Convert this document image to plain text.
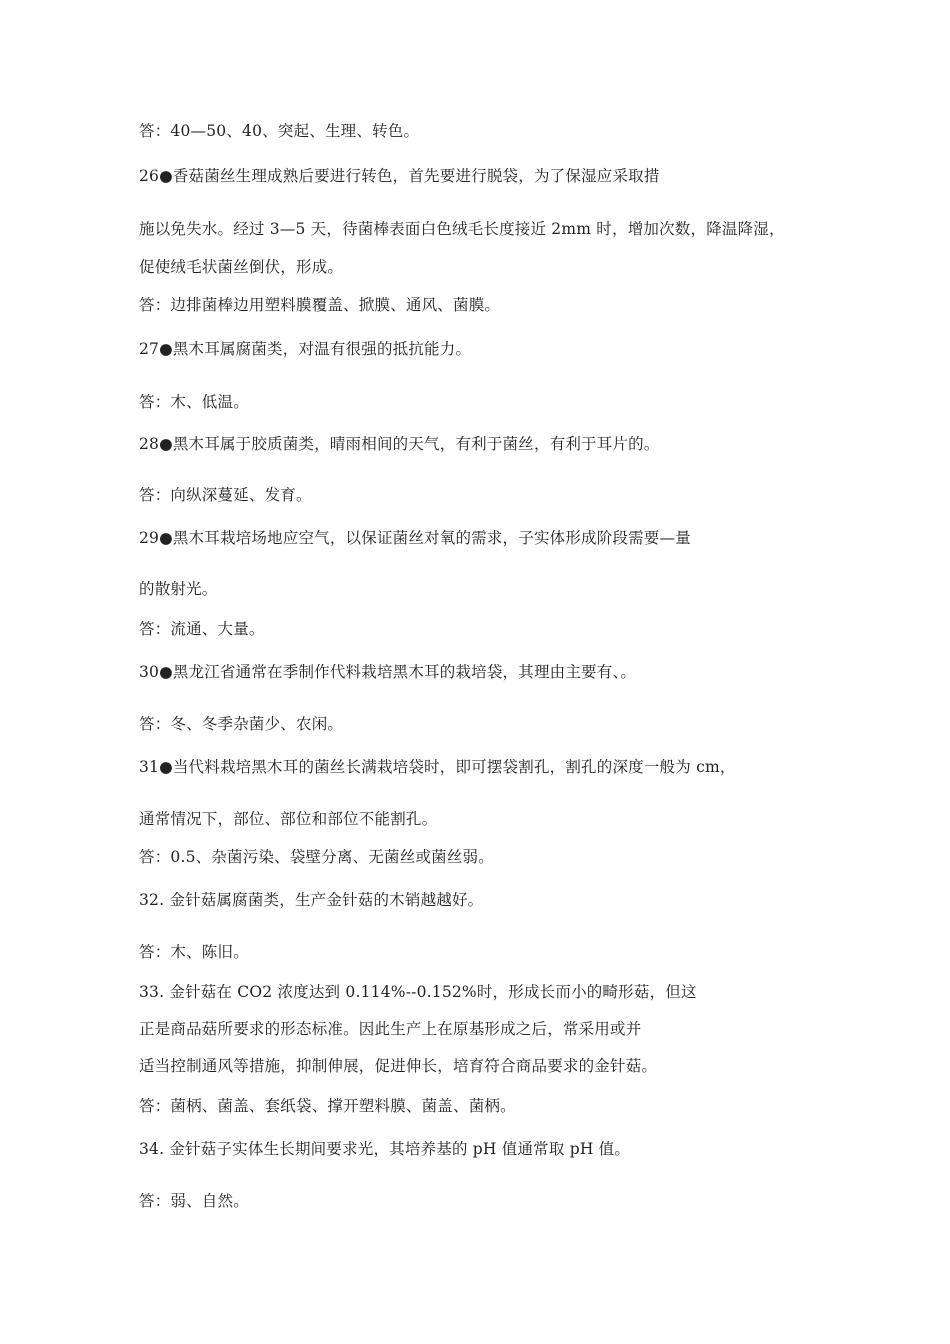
答：40—50、40、突起、生理、转色。
26●香菇菌丝生理成熟后要进行转色，首先要进行脱袋，为了保湿应采取措
施以免失水。经过 3—5 天，待菌棒表面白色绒毛长度接近 2mm 时，增加次数，降温降湿，
促使绒毛状菌丝倒伏，形成。
答：边排菌棒边用塑料膜覆盖、掀膜、通风、菌膜。
27●黑木耳属腐菌类，对温有很强的抵抗能力。
答：木、低温。
28●黑木耳属于胶质菌类，晴雨相间的天气，有利于菌丝，有利于耳片的。
答：向纵深蔓延、发育。
29●黑木耳栽培场地应空气，以保证菌丝对氧的需求，子实体形成阶段需要—量
的散射光。
答：流通、大量。
30●黑龙江省通常在季制作代料栽培黑木耳的栽培袋，其理由主要有、。
答：冬、冬季杂菌少、农闲。
31●当代料栽培黑木耳的菌丝长满栽培袋时，即可摆袋割孔，割孔的深度一般为 cm，
通常情况下，部位、部位和部位不能割孔。
答：0.5、杂菌污染、袋壁分离、无菌丝或菌丝弱。
32. 金针菇属腐菌类，生产金针菇的木销越越好。
答：木、陈旧。
33. 金针菇在 CO2 浓度达到 0.114%--0.152%时，形成长而小的畸形菇，但这
正是商品菇所要求的形态标准。因此生产上在原基形成之后，常采用或并
适当控制通风等措施，抑制伸展，促进伸长，培育符合商品要求的金针菇。
答：菌柄、菌盖、套纸袋、撑开塑料膜、菌盖、菌柄。
34. 金针菇子实体生长期间要求光，其培养基的 pH 值通常取 pH 值。
答：弱、自然。
